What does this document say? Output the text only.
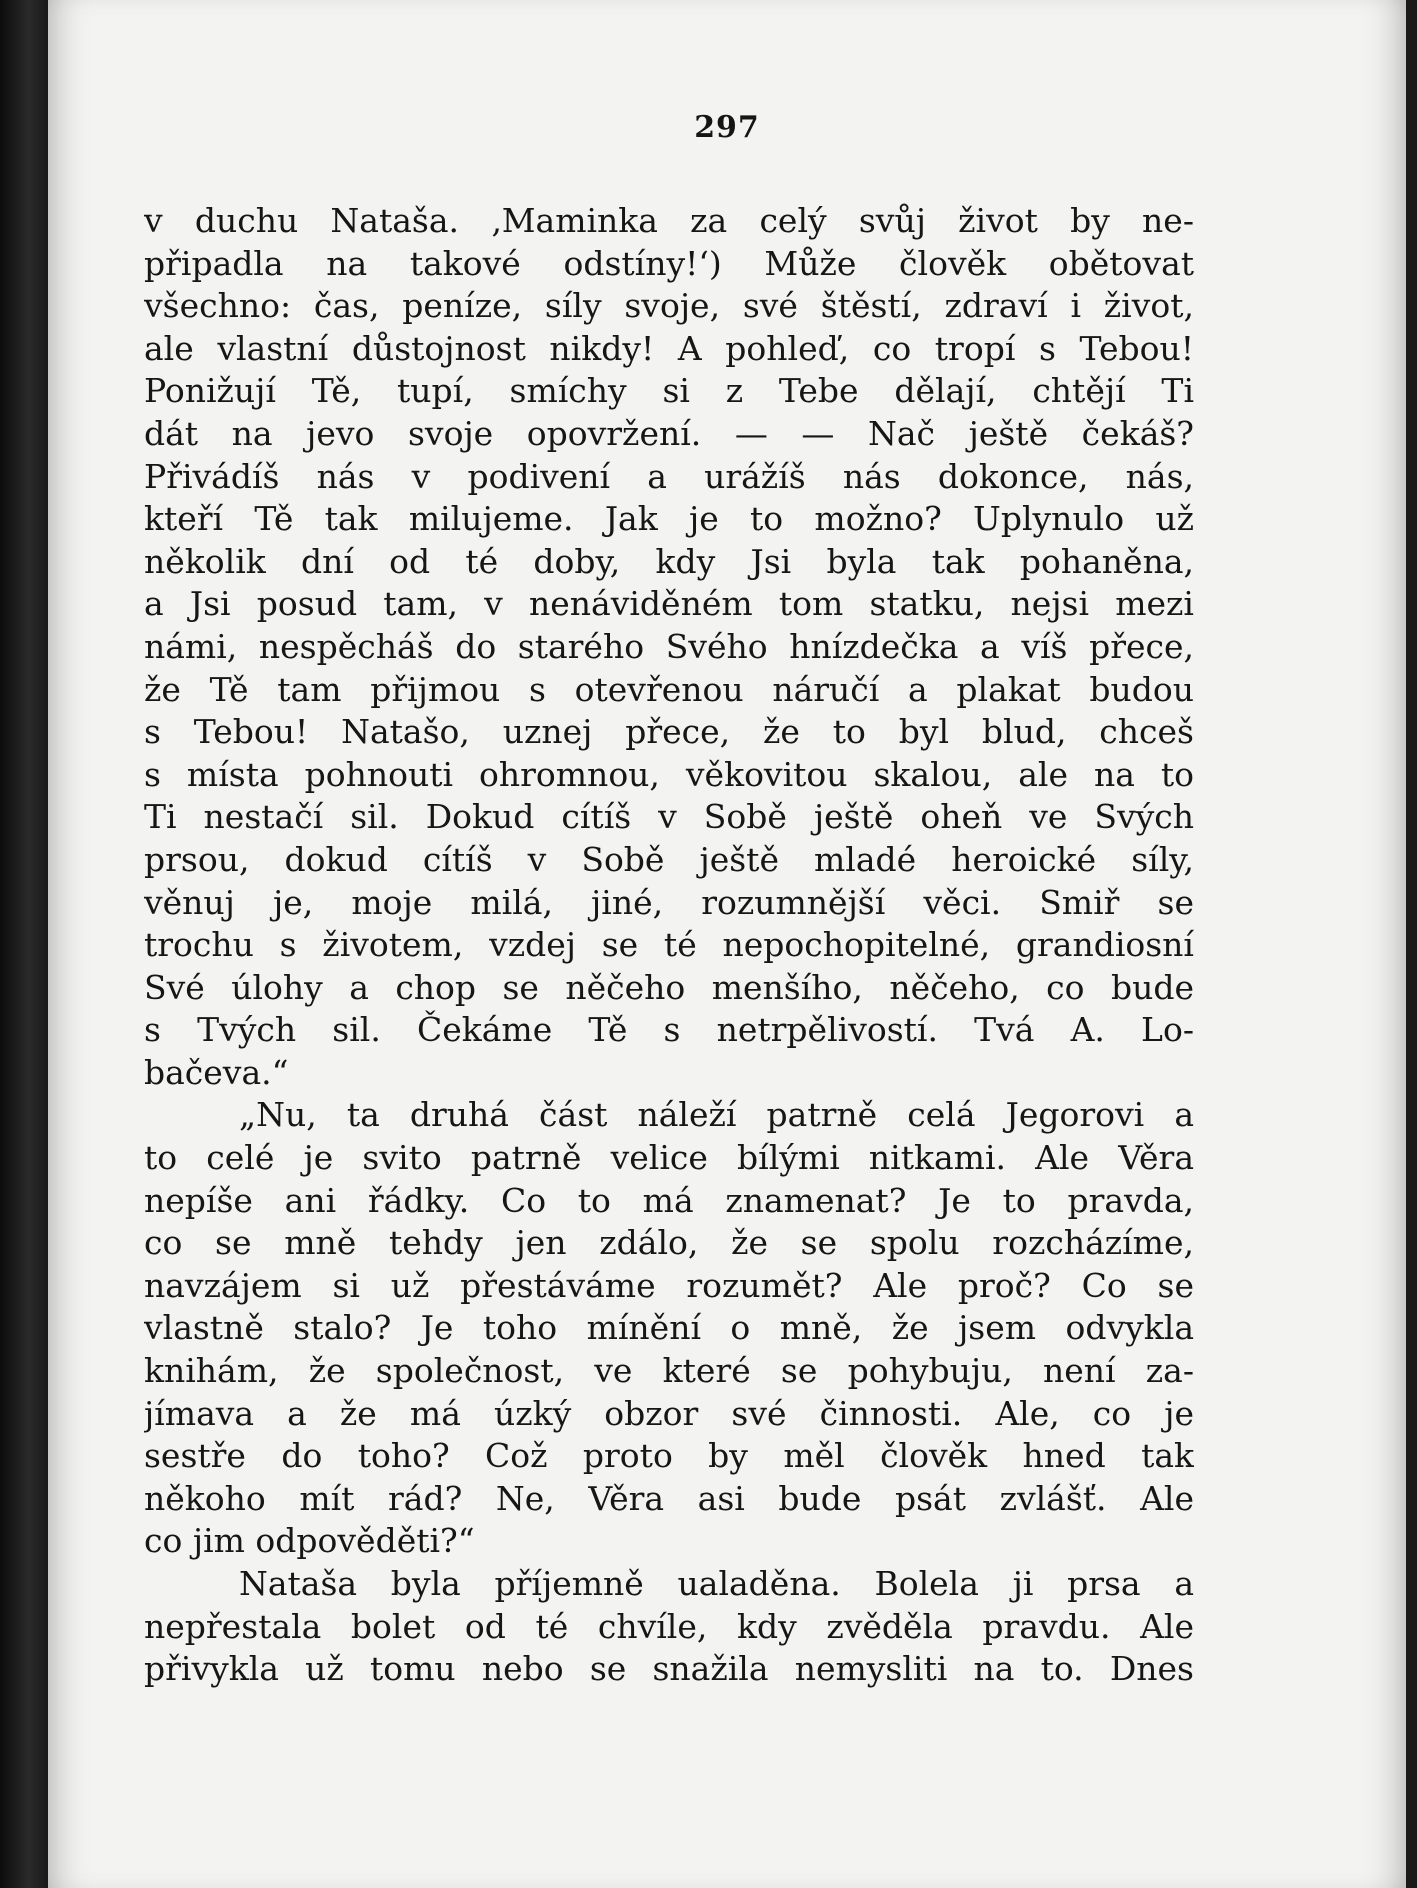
297
v duchu Nataša. ‚Maminka za celý svůj život by ne-
připadla na takové odstíny!‘) Může člověk obětovat
všechno: čas, peníze, síly svoje, své štěstí, zdraví i život,
ale vlastní důstojnost nikdy! A pohleď, co tropí s Tebou!
Ponižují Tě, tupí, smíchy si z Tebe dělají, chtějí Ti
dát na jevo svoje opovržení. — — Nač ještě čekáš?
Přivádíš nás v podivení a urážíš nás dokonce, nás,
kteří Tě tak milujeme. Jak je to možno? Uplynulo už
několik dní od té doby, kdy Jsi byla tak pohaněna,
a Jsi posud tam, v nenáviděném tom statku, nejsi mezi
námi, nespěcháš do starého Svého hnízdečka a víš přece,
že Tě tam přijmou s otevřenou náručí a plakat budou
s Tebou! Natašo, uznej přece, že to byl blud, chceš
s místa pohnouti ohromnou, věkovitou skalou, ale na to
Ti nestačí sil. Dokud cítíš v Sobě ještě oheň ve Svých
prsou, dokud cítíš v Sobě ještě mladé heroické síly,
věnuj je, moje milá, jiné, rozumnější věci. Smiř se
trochu s životem, vzdej se té nepochopitelné, grandiosní
Své úlohy a chop se něčeho menšího, něčeho, co bude
s Tvých sil. Čekáme Tě s netrpělivostí. Tvá A. Lo-
bačeva.“
„Nu, ta druhá část náleží patrně celá Jegorovi a
to celé je svito patrně velice bílými nitkami. Ale Věra
nepíše ani řádky. Co to má znamenat? Je to pravda,
co se mně tehdy jen zdálo, že se spolu rozcházíme,
navzájem si už přestáváme rozumět? Ale proč? Co se
vlastně stalo? Je toho mínění o mně, že jsem odvykla
knihám, že společnost, ve které se pohybuju, není za-
jímava a že má úzký obzor své činnosti. Ale, co je
sestře do toho? Což proto by měl člověk hned tak
někoho mít rád? Ne, Věra asi bude psát zvlášť. Ale
co jim odpověděti?“
Nataša byla příjemně ualaděna. Bolela ji prsa a
nepřestala bolet od té chvíle, kdy zvěděla pravdu. Ale
přivykla už tomu nebo se snažila nemysliti na to. Dnes
